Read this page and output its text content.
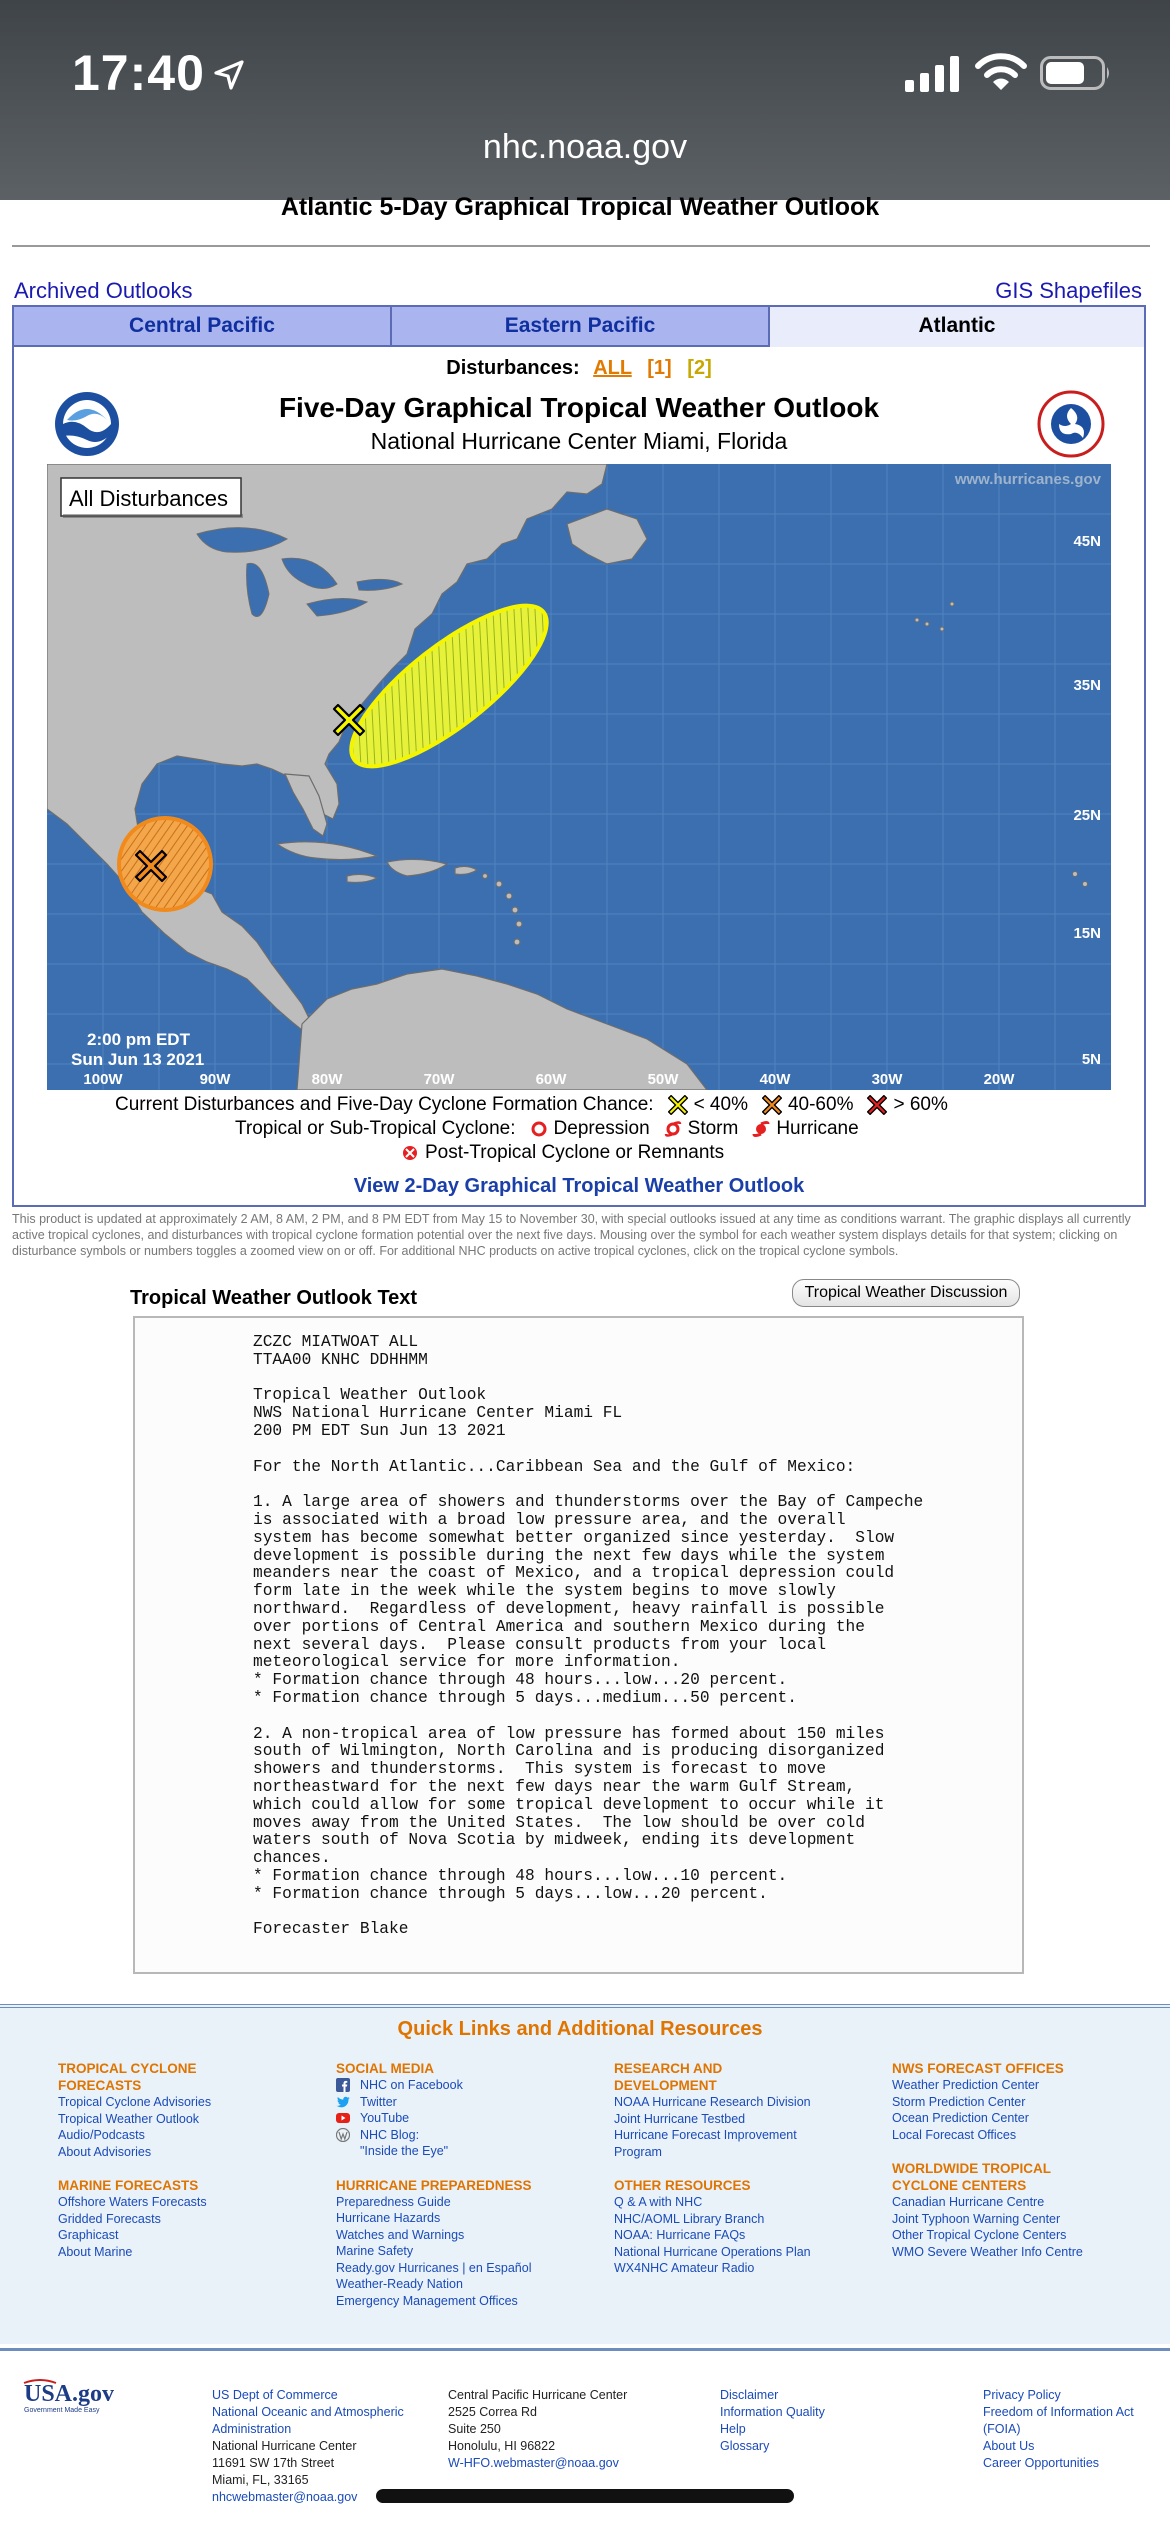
17:40
nhc.noaa.gov
Atlantic 5-Day Graphical Tropical Weather Outlook
Archived Outlooks	GIS Shapefiles
Central Pacific	Eastern Pacific	Atlantic
Disturbances: ALL [1] [2]
Five-Day Graphical Tropical Weather Outlook
National Hurricane Center Miami, Florida
All Disturbances
www.hurricanes.gov
45N
35N
25N
15N
5N
100W	90W	80W	70W	60W	50W	40W	30W	20W
2:00 pm EDT
Sun Jun 13 2021
Current Disturbances and Five-Day Cyclone Formation Chance: < 40% 40-60% > 60%
Tropical or Sub-Tropical Cyclone: Depression Storm Hurricane
Post-Tropical Cyclone or Remnants
View 2-Day Graphical Tropical Weather Outlook
This product is updated at approximately 2 AM, 8 AM, 2 PM, and 8 PM EDT from May 15 to November 30, with special outlooks issued at any time as conditions warrant. The graphic displays all currently active tropical cyclones, and disturbances with tropical cyclone formation potential over the next five days. Mousing over the symbol for each weather system displays details for that system; clicking on disturbance symbols or numbers toggles a zoomed view on or off. For additional NHC products on active tropical cyclones, click on the tropical cyclone symbols.
Tropical Weather Outlook Text	Tropical Weather Discussion
ZCZC MIATWOAT ALL
TTAA00 KNHC DDHHMM

Tropical Weather Outlook
NWS National Hurricane Center Miami FL
200 PM EDT Sun Jun 13 2021

For the North Atlantic...Caribbean Sea and the Gulf of Mexico:

1. A large area of showers and thunderstorms over the Bay of Campeche
is associated with a broad low pressure area, and the overall
system has become somewhat better organized since yesterday.  Slow
development is possible during the next few days while the system
meanders near the coast of Mexico, and a tropical depression could
form late in the week while the system begins to move slowly
northward.  Regardless of development, heavy rainfall is possible
over portions of Central America and southern Mexico during the
next several days.  Please consult products from your local
meteorological service for more information.
* Formation chance through 48 hours...low...20 percent.
* Formation chance through 5 days...medium...50 percent.

2. A non-tropical area of low pressure has formed about 150 miles
south of Wilmington, North Carolina and is producing disorganized
showers and thunderstorms.  This system is forecast to move
northeastward for the next few days near the warm Gulf Stream,
which could allow for some tropical development to occur while it
moves away from the United States.  The low should be over cold
waters south of Nova Scotia by midweek, ending its development
chances.
* Formation chance through 48 hours...low...10 percent.
* Formation chance through 5 days...low...20 percent.

Forecaster Blake
Quick Links and Additional Resources
TROPICAL CYCLONE FORECASTS
Tropical Cyclone Advisories
Tropical Weather Outlook
Audio/Podcasts
About Advisories
MARINE FORECASTS
Offshore Waters Forecasts
Gridded Forecasts
Graphicast
About Marine
SOCIAL MEDIA
NHC on Facebook
Twitter
YouTube
NHC Blog:
"Inside the Eye"
HURRICANE PREPAREDNESS
Preparedness Guide
Hurricane Hazards
Watches and Warnings
Marine Safety
Ready.gov Hurricanes | en Español
Weather-Ready Nation
Emergency Management Offices
RESEARCH AND DEVELOPMENT
NOAA Hurricane Research Division
Joint Hurricane Testbed
Hurricane Forecast Improvement Program
OTHER RESOURCES
Q & A with NHC
NHC/AOML Library Branch
NOAA: Hurricane FAQs
National Hurricane Operations Plan
WX4NHC Amateur Radio
NWS FORECAST OFFICES
Weather Prediction Center
Storm Prediction Center
Ocean Prediction Center
Local Forecast Offices
WORLDWIDE TROPICAL CYCLONE CENTERS
Canadian Hurricane Centre
Joint Typhoon Warning Center
Other Tropical Cyclone Centers
WMO Severe Weather Info Centre
USA.gov
Government Made Easy
US Dept of Commerce
National Oceanic and Atmospheric Administration
National Hurricane Center
11691 SW 17th Street
Miami, FL, 33165
nhcwebmaster@noaa.gov
Central Pacific Hurricane Center
2525 Correa Rd
Suite 250
Honolulu, HI 96822
W-HFO.webmaster@noaa.gov
Disclaimer
Information Quality
Help
Glossary
Privacy Policy
Freedom of Information Act (FOIA)
About Us
Career Opportunities
